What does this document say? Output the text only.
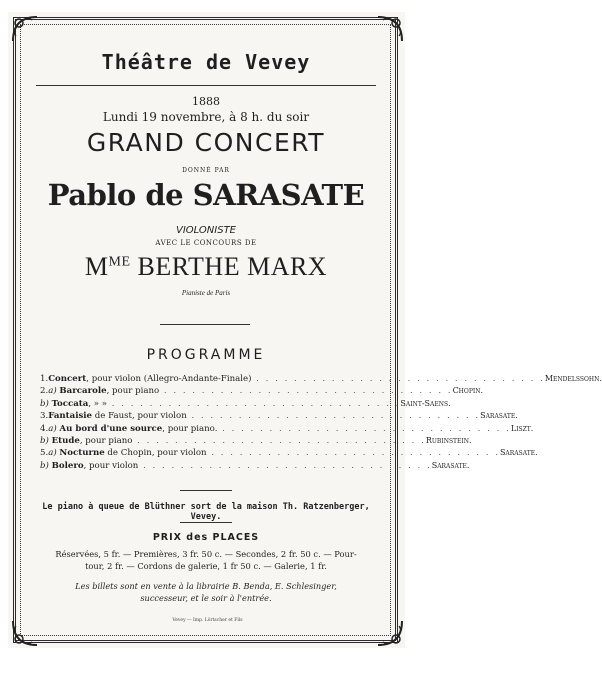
Théâtre de Vevey
1888
Lundi 19 novembre, à 8 h. du soir
GRAND CONCERT
DONNÉ PAR
Pablo de SARASATE
VIOLONISTE
AVEC LE CONCOURS DE
$M^{ME}$ BERTHE MARX
Pianiste de Paris
PROGRAMME
1. Concert, pour violon (Allegro-Andante-Finale) . . . . . . . . . . . . . . . . . . . . . . . . . . . . . . . Mendelssohn.
2. a) Barcarole, pour piano . . . . . . . . . . . . . . . . . . . . . . . . . . . . . . . Chopin.
b) Toccata, » » . . . . . . . . . . . . . . . . . . . . . . . . . . . . . . . Saint-Saens.
3. Fantaisie de Faust, pour violon . . . . . . . . . . . . . . . . . . . . . . . . . . . . . . . Sarasate.
4. a) Au bord d'une source, pour piano. . . . . . . . . . . . . . . . . . . . . . . . . . . . . . . . Liszt.
b) Etude, pour piano . . . . . . . . . . . . . . . . . . . . . . . . . . . . . . . Rubinstein.
5. a) Nocturne de Chopin, pour violon . . . . . . . . . . . . . . . . . . . . . . . . . . . . . . . Sarasate.
b) Bolero, pour violon . . . . . . . . . . . . . . . . . . . . . . . . . . . . . . . Sarasate.
Le piano à queue de Blüthner sort de la maison Th. Ratzenberger, Vevey.
PRIX des PLACES
Réservées, 5 fr. — Premières, 3 fr. 50 c. — Secondes, 2 fr. 50 c. — Pour-
tour, 2 fr. — Cordons de galerie, 1 fr 50 c. — Galerie, 1 fr.
Les billets sont en vente à la librairie B. Benda, E. Schlesinger,
successeur, et le soir à l'entrée.
Vevey — Imp. Lörtscher et Fils
